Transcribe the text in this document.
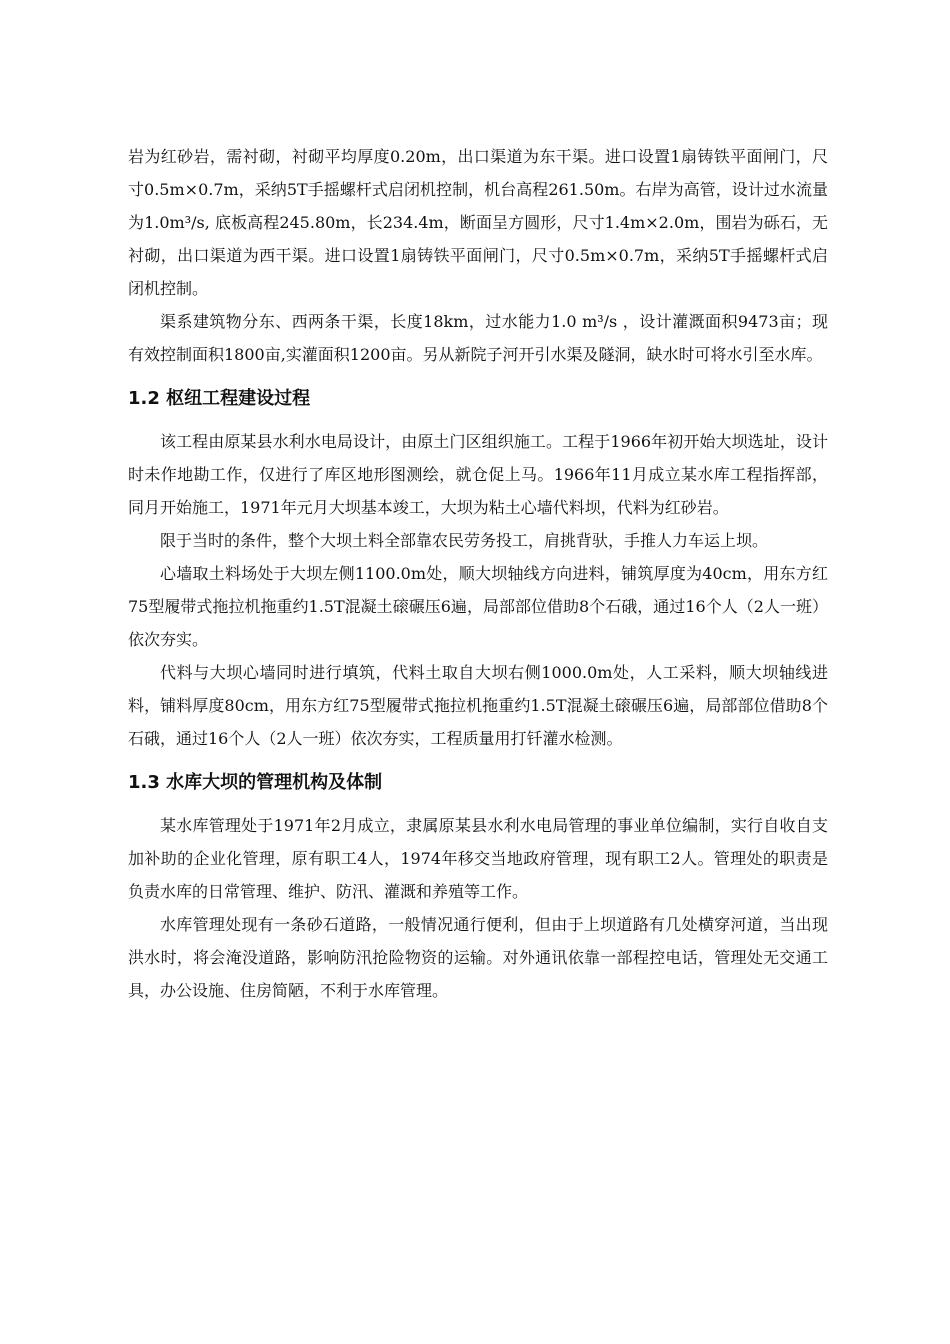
岩为红砂岩，需衬砌，衬砌平均厚度0.20m，出口渠道为东干渠。进口设置1扇铸铁平面闸门，尺寸0.5m×0.7m，采纳5T手摇螺杆式启闭机控制，机台高程261.50m。右岸为高管，设计过水流量为1.0m³/s, 底板高程245.80m，长234.4m，断面呈方圆形，尺寸1.4m×2.0m，围岩为砾石，无衬砌，出口渠道为西干渠。进口设置1扇铸铁平面闸门，尺寸0.5m×0.7m，采纳5T手摇螺杆式启闭机控制。

渠系建筑物分东、西两条干渠，长度18km，过水能力1.0 m³/s ，设计灌溉面积9473亩；现有效控制面积1800亩,实灌面积1200亩。另从新院子河开引水渠及隧洞，缺水时可将水引至水库。

1.2 枢纽工程建设过程

该工程由原某县水利水电局设计，由原土门区组织施工。工程于1966年初开始大坝选址，设计时未作地勘工作，仅进行了库区地形图测绘，就仓促上马。1966年11月成立某水库工程指挥部，同月开始施工，1971年元月大坝基本竣工，大坝为粘土心墙代料坝，代料为红砂岩。

限于当时的条件，整个大坝土料全部靠农民劳务投工，肩挑背驮，手推人力车运上坝。

心墙取土料场处于大坝左侧1100.0m处，顺大坝轴线方向进料，铺筑厚度为40cm，用东方红75型履带式拖拉机拖重约1.5T混凝土磙碾压6遍，局部部位借助8个石硪，通过16个人（2人一班）依次夯实。

代料与大坝心墙同时进行填筑，代料土取自大坝右侧1000.0m处，人工采料，顺大坝轴线进料，铺料厚度80cm，用东方红75型履带式拖拉机拖重约1.5T混凝土磙碾压6遍，局部部位借助8个石硪，通过16个人（2人一班）依次夯实，工程质量用打钎灌水检测。

1.3 水库大坝的管理机构及体制

某水库管理处于1971年2月成立，隶属原某县水利水电局管理的事业单位编制，实行自收自支加补助的企业化管理，原有职工4人，1974年移交当地政府管理，现有职工2人。管理处的职责是负责水库的日常管理、维护、防汛、灌溉和养殖等工作。

水库管理处现有一条砂石道路，一般情况通行便利，但由于上坝道路有几处横穿河道，当出现洪水时，将会淹没道路，影响防汛抢险物资的运输。对外通讯依靠一部程控电话，管理处无交通工具，办公设施、住房简陋，不利于水库管理。
